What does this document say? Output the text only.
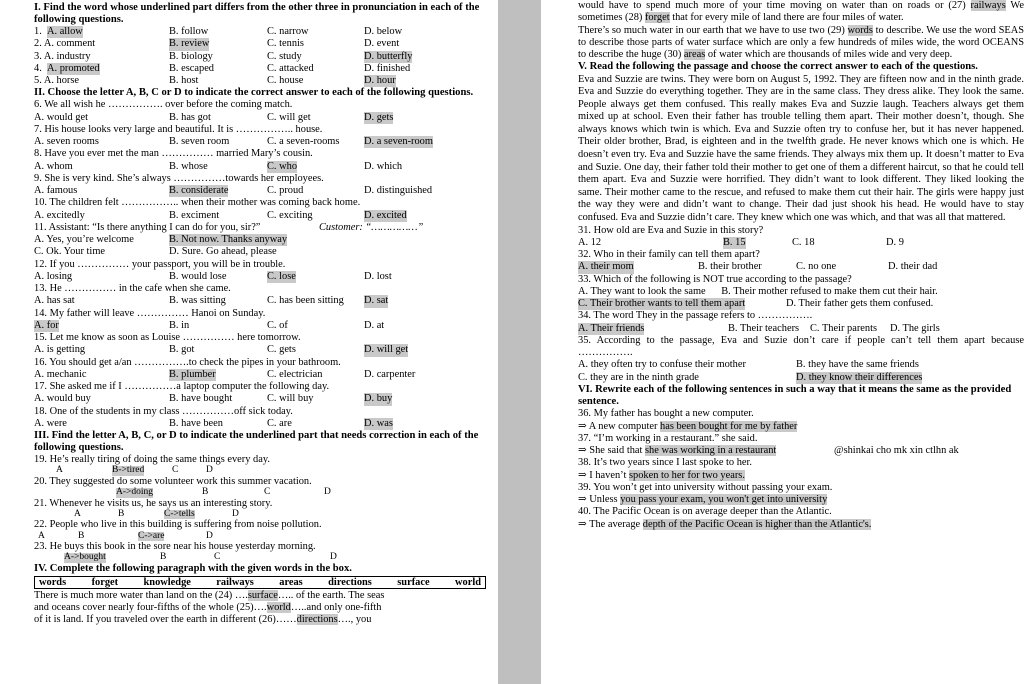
I. Find the word whose underlined part differs from the other three in pronunciation in each of the following questions.
1. A. allow	B. follow	C. narrow	D. below
2. A. comment	B. review	C. tennis	D. event
3. A. industry	B. biology	C. study	D. butterfly
4. A. promoted	B. escaped	C. attacked	D. finished
5. A. horse	B. host	C. house	D. hour
II. Choose the letter A, B, C or D to indicate the correct answer to each of the following questions.
6. We all wish he ……………. over before the coming match.
A. would get	B. has got	C. will get	D. gets
7. His house looks very large and beautiful. It is …………….. house.
A. seven rooms	B. seven room	C. a seven-rooms D. a seven-room
8. Have you ever met the man …………… married Mary’s cousin.
A. whom	B. whose	C. who	D. which
9. She is very kind. She’s always ……………towards her employees.
A. famous	B. considerate	C. proud	D. distinguished
10. The children felt …………….. when their mother was coming back home.
A. excitedly	B. exciment	C. exciting	D. excited
11. Assistant: “Is there anything I can do for you, sir?”	Customer: “……………”
A. Yes, you’re welcome	B. Not now. Thanks anyway
C. Ok. Your time	D. Sure. Go ahead, please
12. If you …………… your passport, you will be in trouble.
A. losing	B. would lose	C. lose	D. lost
13. He …………… in the cafe when she came.
A. has sat	B. was sitting	C. has been sitting D. sat
14. My father will leave …………… Hanoi on Sunday.
A. for	B. in	C. of	D. at
15. Let me know as soon as Louise …………… here tomorrow.
A. is getting	B. got	C. gets	D. will get
16. You should get a/an …………….to check the pipes in your bathroom.
A. mechanic	B. plumber	C. electrician	D. carpenter
17. She asked me if I ……………a laptop computer the following day.
A. would buy	B. have bought	C. will buy	D. buy
18. One of the students in my class ……………off sick today.
A. were	B. have been	C. are	D. was
III. Find the letter A, B, C, or D to indicate the underlined part that needs correction in each of the following questions.
19. He’s really tiring of doing the same things every day.
A	B->tired	C	D
20. They suggested do some volunteer work this summer vacation.
A->doing	B	C	D
21. Whenever he visits us, he says us an interesting story.
A	B	C->tells	D
22. People who live in this building is suffering from noise pollution.
A	B	C->are	D
23. He buys this book in the sore near his house yesterday morning.
A->bought	B	C	D
IV. Complete the following paragraph with the given words in the box.
words forget knowledge railways areas directions surface world
There is much more water than land on the (24) ….surface….. of the earth. The seas
and oceans cover nearly four-fifths of the whole (25)….world…..and only one-fifth
of it is land. If you traveled over the earth in different (26)……directions…., you
would have to spend much more of your time moving on water than on roads or (27) railways We sometimes (28) forget that for every mile of land there are four miles of water.
There’s so much water in our earth that we have to use two (29) words to describe. We use the word SEAS to describe those parts of water surface which are only a few hundreds of miles wide, the word OCEANS to describe the huge (30) areas of water which are thousands of miles wide and very deep.
V. Read the following the passage and choose the correct answer to each of the questions.
Eva and Suzzie are twins. They were born on August 5, 1992. They are fifteen now and in the ninth grade. Eva and Suzzie do everything together. They are in the same class. They dress alike. They look the same. People always get them confused. This really makes Eva and Suzzie laugh. Teachers always get them mixed up at school. Even their father has trouble telling them apart. Their mother doesn’t, though. She always knows which twin is which. Eva and Suzzie often try to confuse her, but it has never happened. Their older brother, Brad, is eighteen and in the twelfth grade. He never knows which one is which. He doesn’t even try. Eva and Suzzie have the same friends. They always mix them up. It doesn’t matter to Eva and Suzie. One day, their father told their mother to get one of them a different haircut, so that he could tell them apart. Eva and Suzzie were horrified. They didn’t want to look different. They liked looking the same. Their mother came to the rescue, and refused to make them cut their hair. The girls were happy just the way they were and didn’t want to change. Their dad just shook his head. He would have to stay confused. Eva and Suzzie didn’t care. They knew which one was which, and that was all that mattered.
31. How old are Eva and Suzie in this story?
A. 12	B. 15	C. 18	D. 9
32. Who in their family can tell them apart?
A. their mom	B. their brother	C. no one	D. their dad
33. Which of the following is NOT true according to the passage?
A. They want to look the same B. Their mother refused to make them cut their hair.
C. Their brother wants to tell them apart	D. Their father gets them confused.
34. The word They in the passage refers to …………….
A. Their friends	B. Their teachers C. Their parents D. The girls
35. According to the passage, Eva and Suzie don’t care if people can’t tell them apart because …………….
A. they often try to confuse their mother	B. they have the same friends
C. they are in the ninth grade	D. they know their differences
VI. Rewrite each of the following sentences in such a way that it means the same as the provided sentence.
36. My father has bought a new computer.
⇒ A new computer has been bought for me by father
37. “I’m working in a restaurant.” she said.
⇒ She said that she was working in a restaurant	@shinkai cho mk xin ctlhn ak
38. It’s two years since I last spoke to her.
⇒ I haven’t spoken to her for two years.
39. You won’t get into university without passing your exam.
⇒ Unless you pass your exam, you won't get into university
40. The Pacific Ocean is on average deeper than the Atlantic.
⇒ The average depth of the Pacific Ocean is higher than the Atlantic's.
